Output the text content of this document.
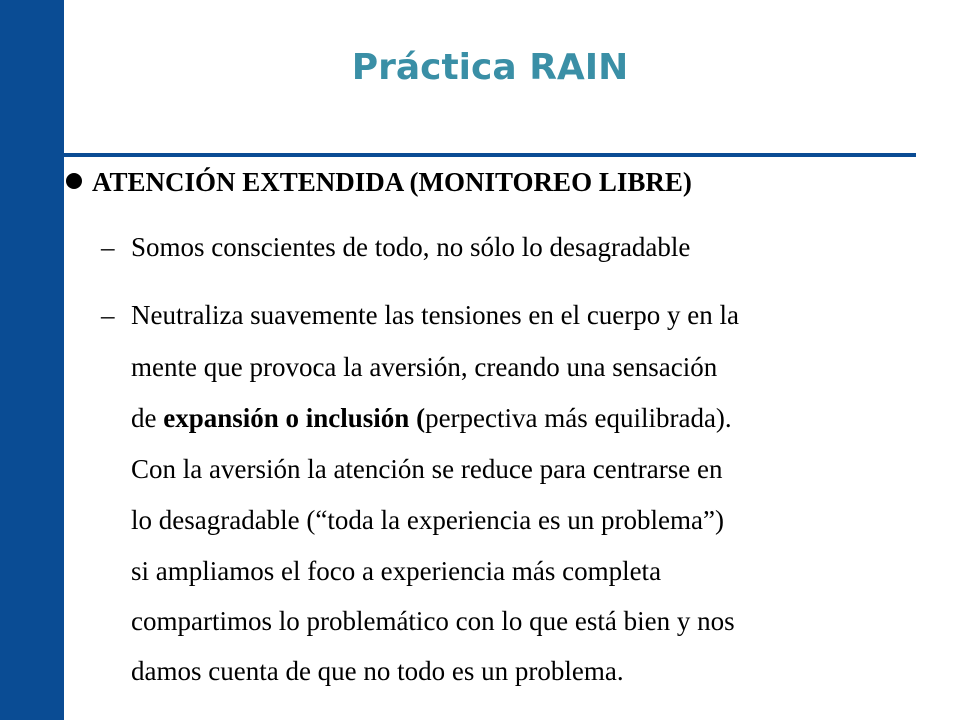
Práctica RAIN
ATENCIÓN EXTENDIDA (MONITOREO LIBRE)
– Somos conscientes de todo, no sólo lo desagradable
– Neutraliza suavemente las tensiones en el cuerpo y en la
mente que provoca la aversión, creando una sensación
de expansión o inclusión (perpectiva más equilibrada).
Con la aversión la atención se reduce para centrarse en
lo desagradable (“toda la experiencia es un problema”)
si ampliamos el foco a experiencia más completa
compartimos lo problemático con lo que está bien y nos
damos cuenta de que no todo es un problema.
